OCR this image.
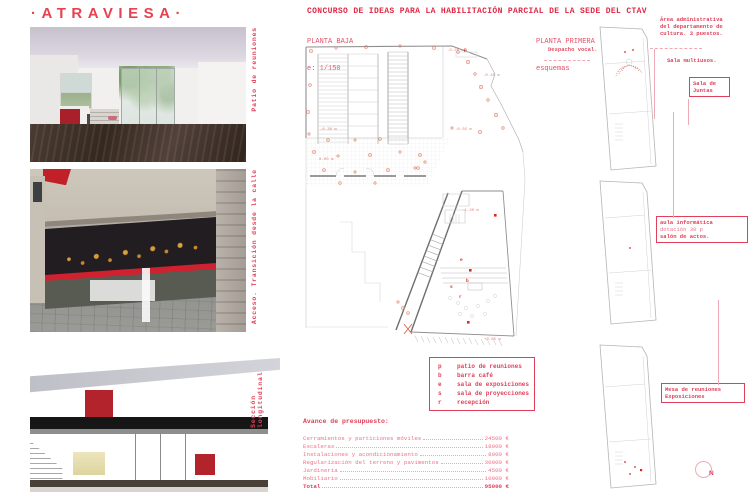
·ATRAVIESA·	CONCURSO DE IDEAS PARA LA HABILITACIÓN PARCIAL DE LA SEDE DEL CTAV

PLANTA BAJA

e: 1/150

PLANTA PRIMERA

esquemas

Despacho vocal.
Patio de reuniones
Acceso. Transición desde la calle
Sección longitudinal
p
e
s
b
r
-0.20 m
-0.45 m
-0.30 m	-0.02 m
0.00 m
-1.20 m
+0.05 m
Área administrativa
del departamento de
cultura. 3 puestos.
Sala multiusos.
Sala de
Juntas
aula informática
dotación 30 p
salón de actos.
Mesa de reuniones
Exposiciones
p	patio de reuniones
b	barra café
e	sala de exposiciones
s	sala de proyecciones
r	recepción
Avance de presupuesto:
Cerramientos y particiones móviles	24500 €
Escaleras	18000 €
Instalaciones y acondicionamiento	8000 €
Regularización del terreno y pavimentos	30000 €
Jardinería	4500 €
Mobiliario	10000 €
Total	95000 €
N
